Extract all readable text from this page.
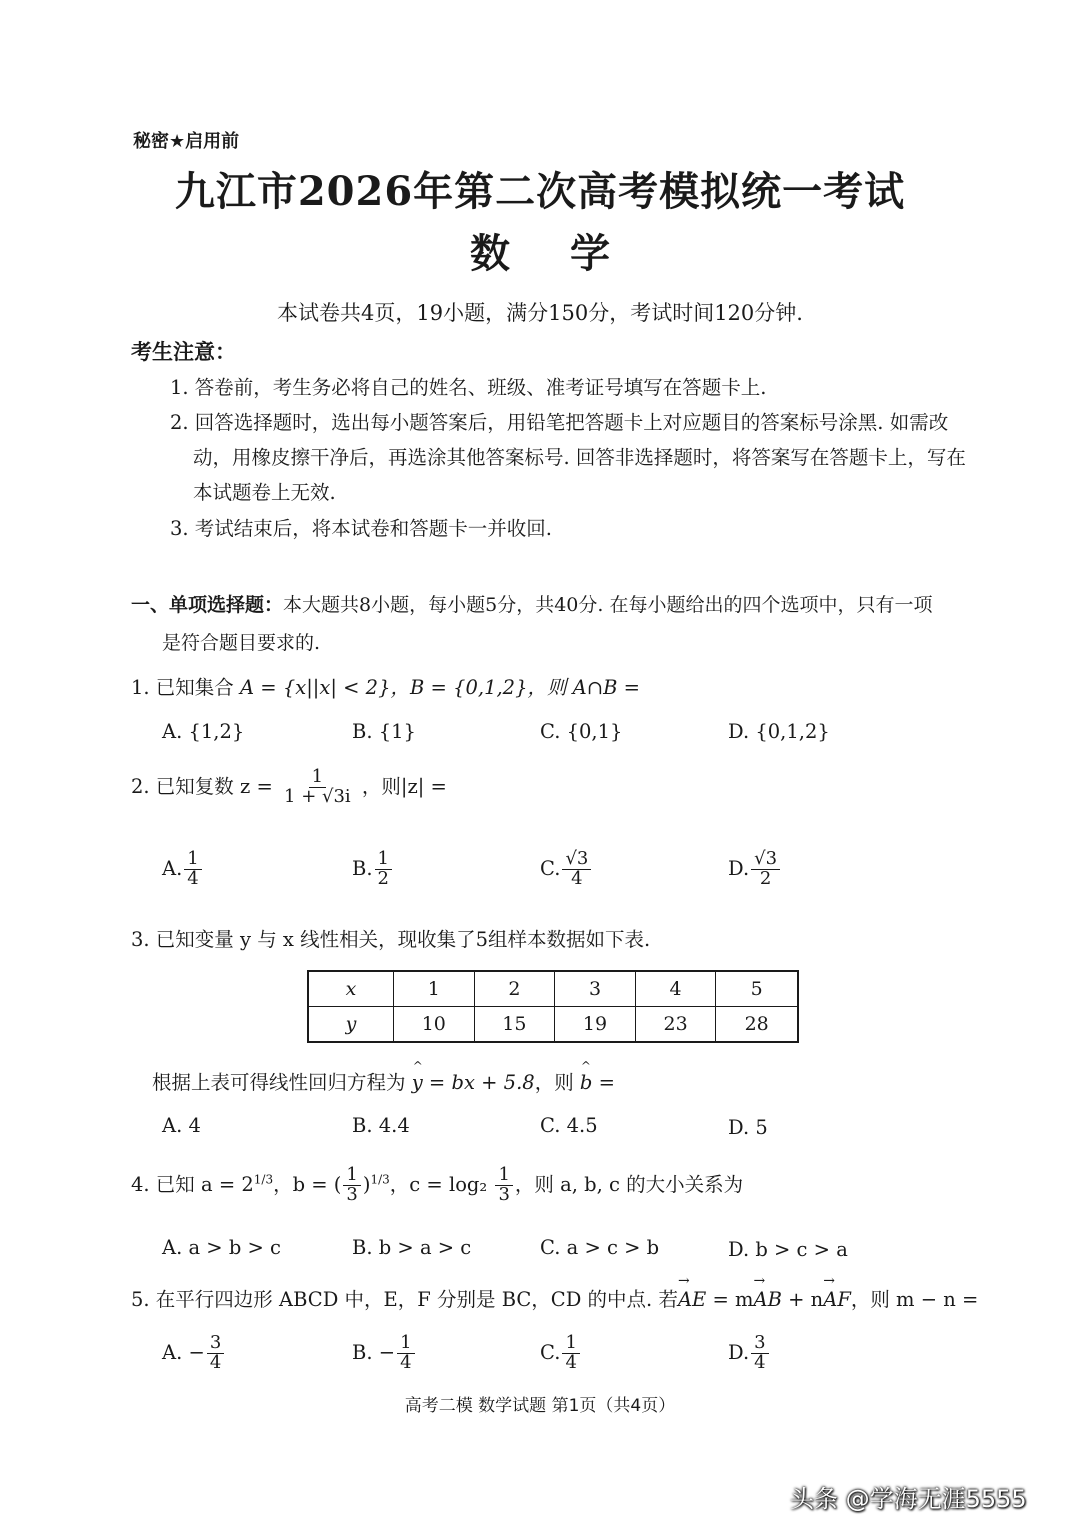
秘密★启用前
九江市2026年第二次高考模拟统一考试
数学
本试卷共4页，19小题，满分150分，考试时间120分钟.
考生注意：
1. 答卷前，考生务必将自己的姓名、班级、准考证号填写在答题卡上.
2. 回答选择题时，选出每小题答案后，用铅笔把答题卡上对应题目的答案标号涂黑. 如需改
动，用橡皮擦干净后，再选涂其他答案标号. 回答非选择题时，将答案写在答题卡上，写在
本试题卷上无效.
3. 考试结束后，将本试卷和答题卡一并收回.
一、单项选择题：本大题共8小题，每小题5分，共40分. 在每小题给出的四个选项中，只有一项
是符合题目要求的.
1. 已知集合 A = {x||x| < 2}，B = {0,1,2}，则 A∩B =
A. {1,2}	B. {1}	C. {0,1}	D. {0,1,2}
2. 已知复数 $z = \frac{1}{1 + √3i}$ ，则|z| =
A. $\frac{1}{4}$	B. $\frac{1}{2}$	C. $\frac{√3}{4}$	D. $\frac{√3}{2}$
3. 已知变量 y 与 x 线性相关，现收集了5组样本数据如下表.
x	1	2	3	4	5
y	10	15	19	23	28
根据上表可得线性回归方程为 ^ y = bx + 5.8，则 ^ b =
A. 4	B. 4.4	C. 4.5	D. 5
4. 已知 $a = 2^{1/3}$，b = ( $\frac{1}{3} )^{1/3}$，$c = \log_2 \frac{1}{3}$ ，则 a, b, c 的大小关系为
A. a > b > c	B. b > a > c	C. a > c > b	D. b > c > a
5. 在平行四边形 ABCD 中，E，F 分别是 BC，CD 的中点. 若→ AE = m→ AB + n→ AF，则 m − n =
A. − $\frac{3}{4}$	B. − $\frac{1}{4}$	C. $\frac{1}{4}$	D. $\frac{3}{4}$
高考二模 数学试题 第1页（共4页）
头条 @学海无涯5555
